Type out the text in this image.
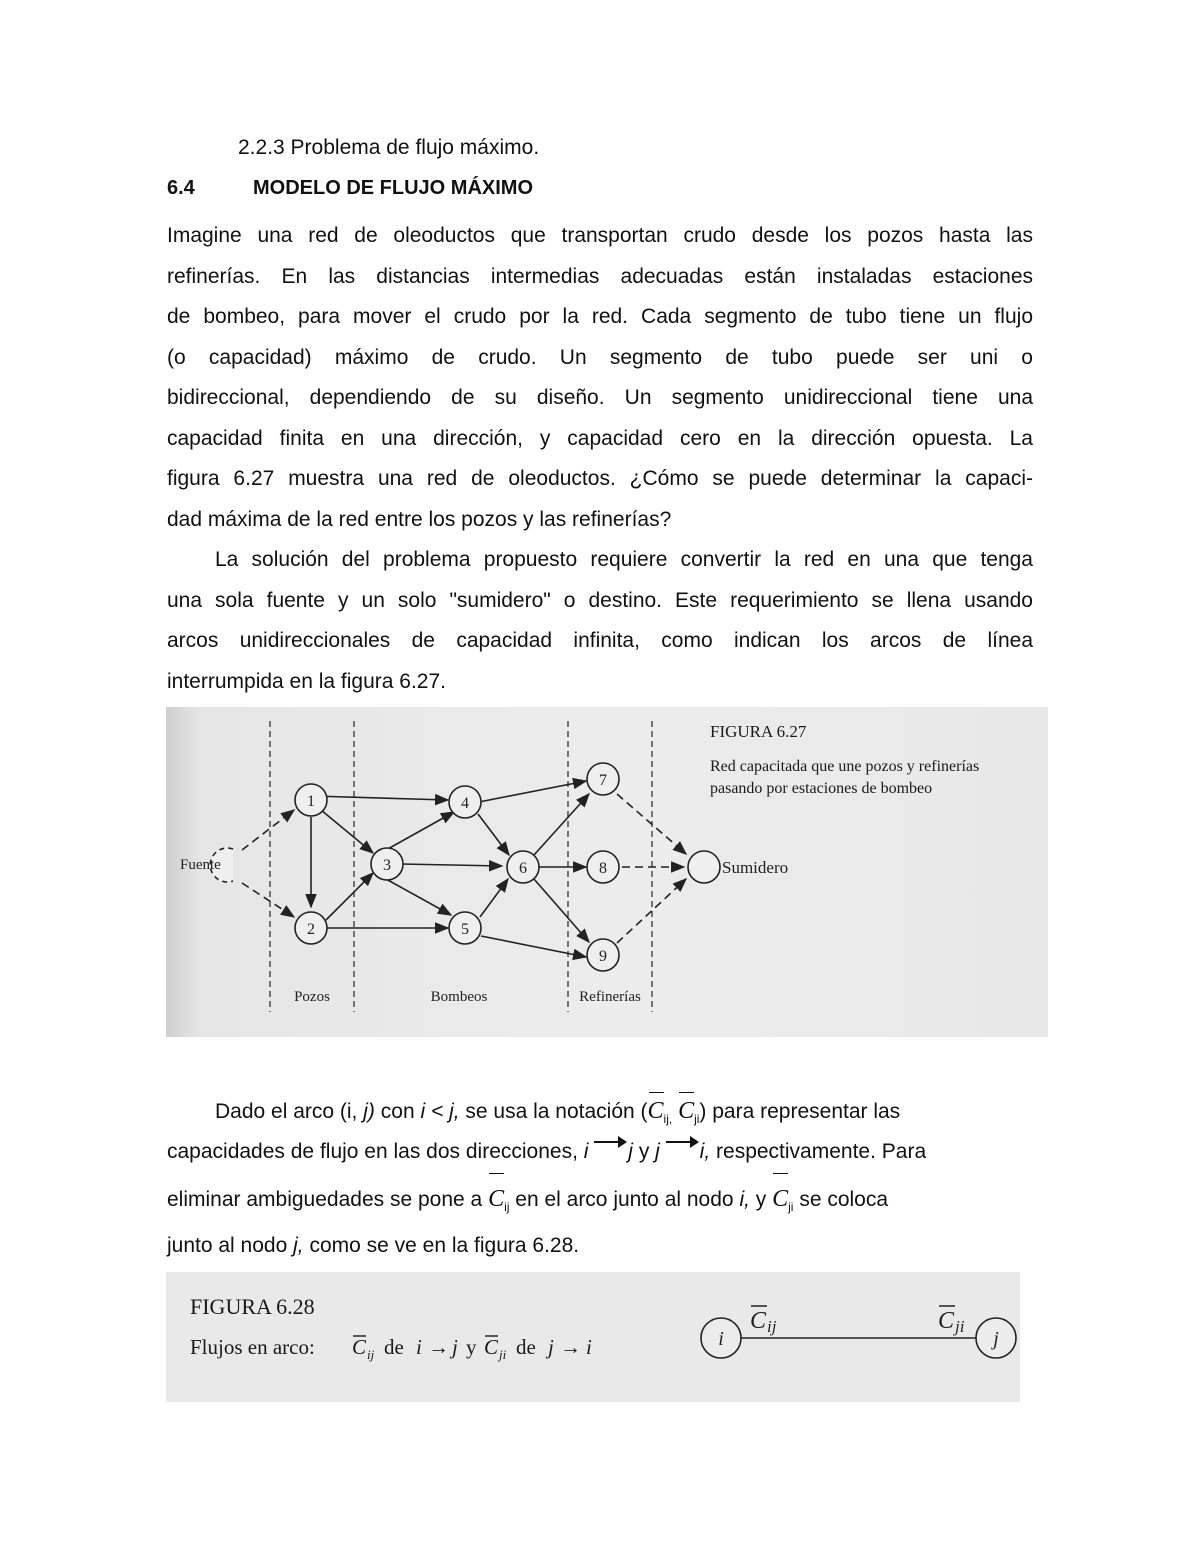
2.2.3 Problema de flujo máximo.
6.4	MODELO DE FLUJO MÁXIMO
Imagine una red de oleoductos que transportan crudo desde los pozos hasta las
refinerías. En las distancias intermedias adecuadas están instaladas estaciones
de bombeo, para mover el crudo por la red. Cada segmento de tubo tiene un flujo
(o capacidad) máximo de crudo. Un segmento de tubo puede ser uni o
bidireccional, dependiendo de su diseño. Un segmento unidireccional tiene una
capacidad finita en una dirección, y capacidad cero en la dirección opuesta. La
figura 6.27 muestra una red de oleoductos. ¿Cómo se puede determinar la capaci-
dad máxima de la red entre los pozos y las refinerías?
La solución del problema propuesto requiere convertir la red en una que tenga
una sola fuente y un solo "sumidero" o destino. Este requerimiento se llena usando
arcos unidireccionales de capacidad infinita, como indican los arcos de línea
interrumpida en la figura 6.27.
Fuente	Sumidero
1
2
3
4
5
6
7
8
9
Pozos	Bombeos	Refinerías
FIGURA 6.27
Red capacitada que une pozos y refinerías
pasando por estaciones de bombeo
Dado el arco (i, j) con i < j, se usa la notación ($C_{ij,}$ $C_{ji}$) para representar las
capacidades de flujo en las dos direcciones, i j y j i, respectivamente. Para
eliminar ambiguedades se pone a $C_{ij}$ en el arco junto al nodo i, y $C_{ji}$ se coloca
junto al nodo j, como se ve en la figura 6.28.
FIGURA 6.28
Flujos en arco: C ij de i → j y C ji de j → i	i	j
C ij	C ji
